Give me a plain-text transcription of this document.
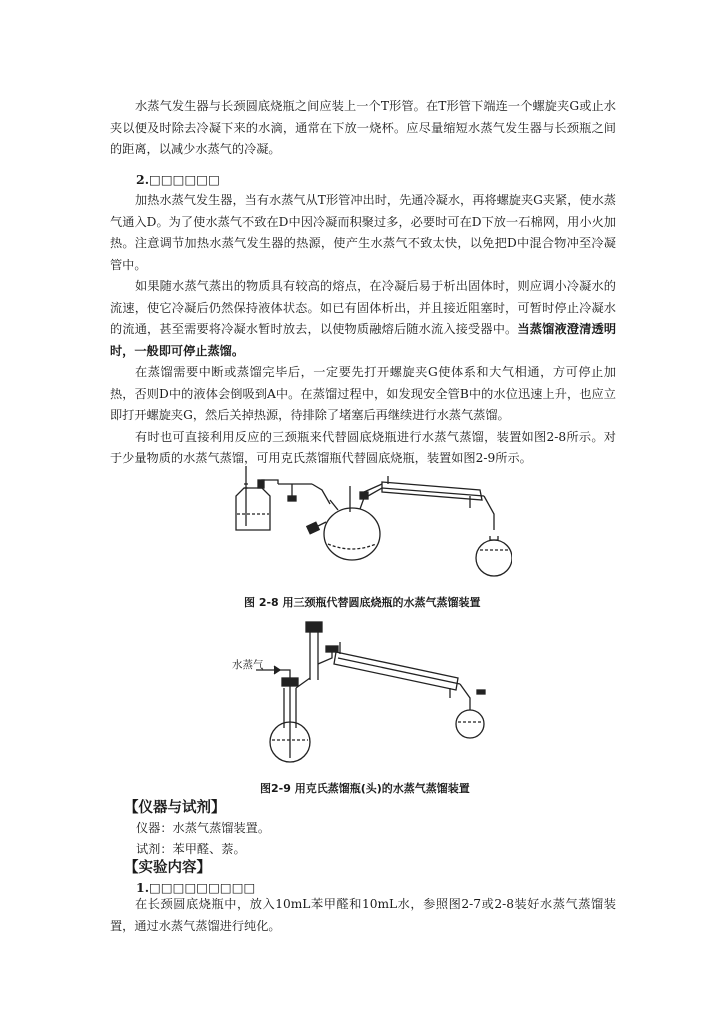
水蒸气发生器与长颈圆底烧瓶之间应装上一个T形管。在T形管下端连一个螺旋夹G或止水夹以便及时除去冷凝下来的水滴，通常在下放一烧杯。应尽量缩短水蒸气发生器与长颈瓶之间的距离，以减少水蒸气的冷凝。

2.□□□□□□

加热水蒸气发生器，当有水蒸气从T形管冲出时，先通冷凝水，再将螺旋夹G夹紧，使水蒸气通入D。为了使水蒸气不致在D中因冷凝而积聚过多，必要时可在D下放一石棉网，用小火加热。注意调节加热水蒸气发生器的热源，使产生水蒸气不致太快，以免把D中混合物冲至冷凝管中。

如果随水蒸气蒸出的物质具有较高的熔点，在冷凝后易于析出固体时，则应调小冷凝水的流速，使它冷凝后仍然保持液体状态。如已有固体析出，并且接近阻塞时，可暂时停止冷凝水的流通，甚至需要将冷凝水暂时放去，以使物质融熔后随水流入接受器中。当蒸馏液澄清透明时，一般即可停止蒸馏。

在蒸馏需要中断或蒸馏完毕后，一定要先打开螺旋夹G使体系和大气相通，方可停止加热，否则D中的液体会倒吸到A中。在蒸馏过程中，如发现安全管B中的水位迅速上升，也应立即打开螺旋夹G，然后关掉热源，待排除了堵塞后再继续进行水蒸气蒸馏。

有时也可直接利用反应的三颈瓶来代替圆底烧瓶进行水蒸气蒸馏，装置如图2-8所示。对于少量物质的水蒸气蒸馏，可用克氏蒸馏瓶代替圆底烧瓶，装置如图2-9所示。

图 2-8 用三颈瓶代替圆底烧瓶的水蒸气蒸馏装置
水蒸气
图2-9 用克氏蒸馏瓶(头)的水蒸气蒸馏装置
【仪器与试剂】
仪器：水蒸气蒸馏装置。
试剂：苯甲醛、萘。
【实验内容】
1.□□□□□□□□□

在长颈圆底烧瓶中，放入10mL苯甲醛和10mL水，参照图2-7或2-8装好水蒸气蒸馏装置，通过水蒸气蒸馏进行纯化。
